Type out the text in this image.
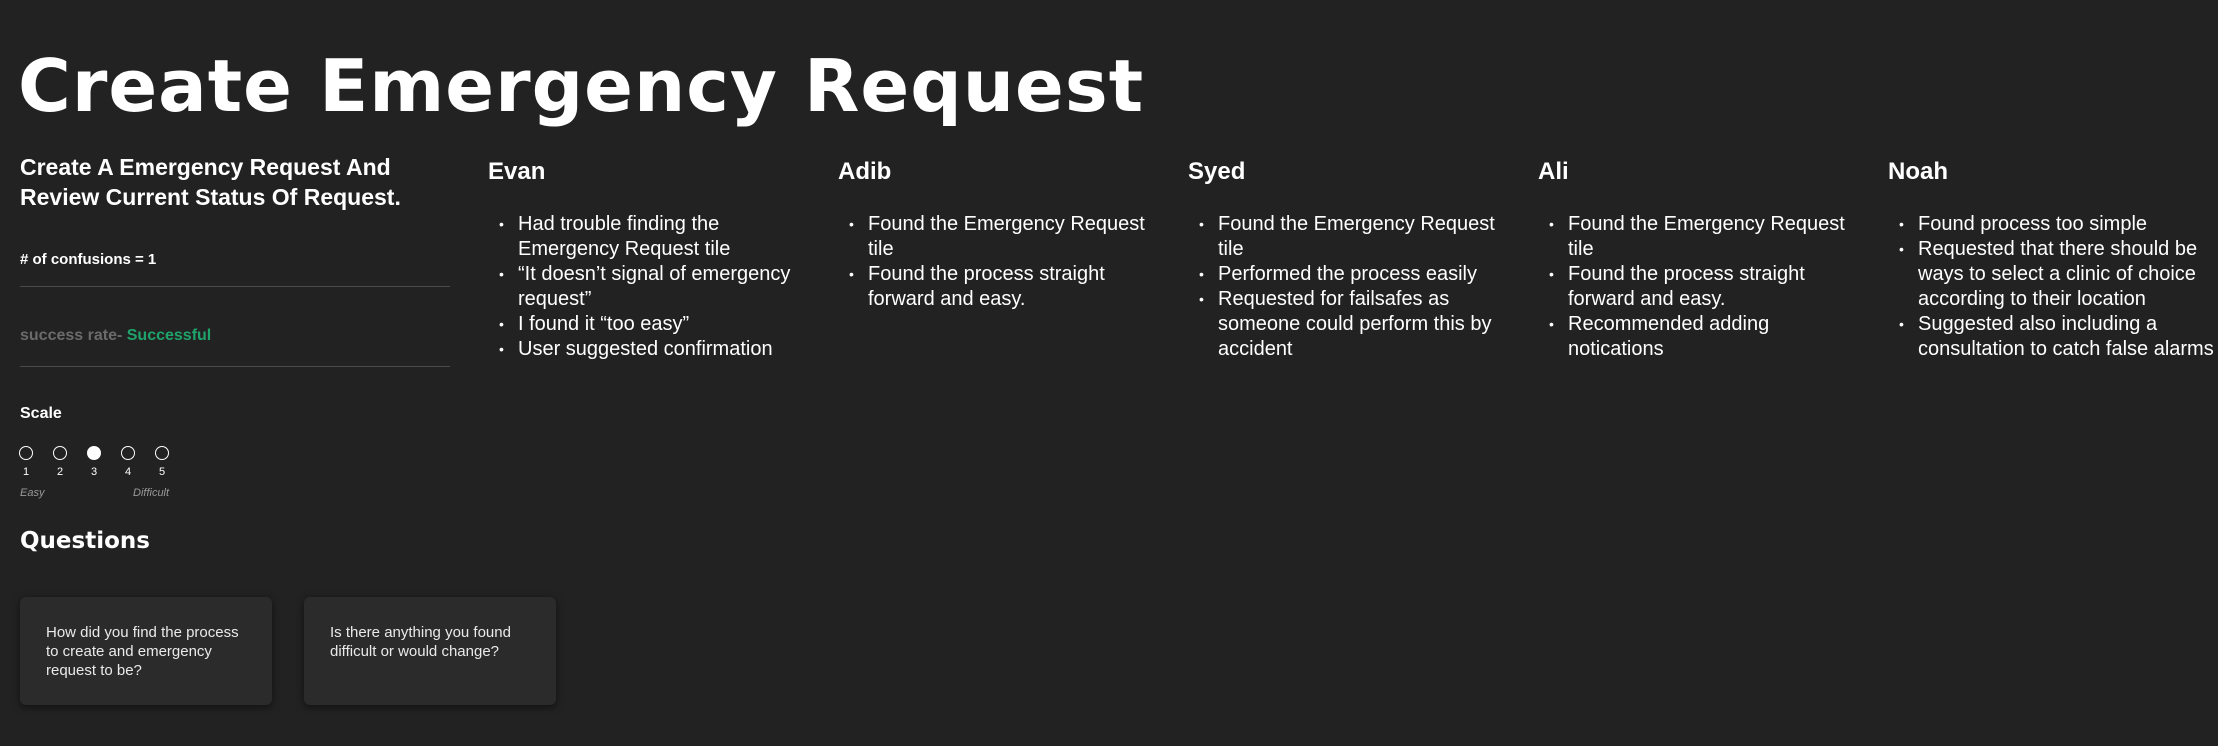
Create Emergency Request
Create A Emergency Request And Review Current Status Of Request.
# of confusions = 1
success rate- Successful
Scale
1	2	3	4	5
Easy	Difficult
Questions
How did you find the process to create and emergency request to be?
Is there anything you found difficult or would change?
Evan
• Had trouble finding the Emergency Request tile
• “It doesn’t signal of emergency request”
• I found it “too easy”
• User suggested confirmation
Adib
• Found the Emergency Request tile
• Found the process straight forward and easy.
Syed
• Found the Emergency Request tile
• Performed the process easily
• Requested for failsafes as someone could perform this by accident
Ali
• Found the Emergency Request tile
• Found the process straight forward and easy.
• Recommended adding notications
Noah
• Found process too simple
• Requested that there should be ways to select a clinic of choice according to their location
• Suggested also including a consultation to catch false alarms
